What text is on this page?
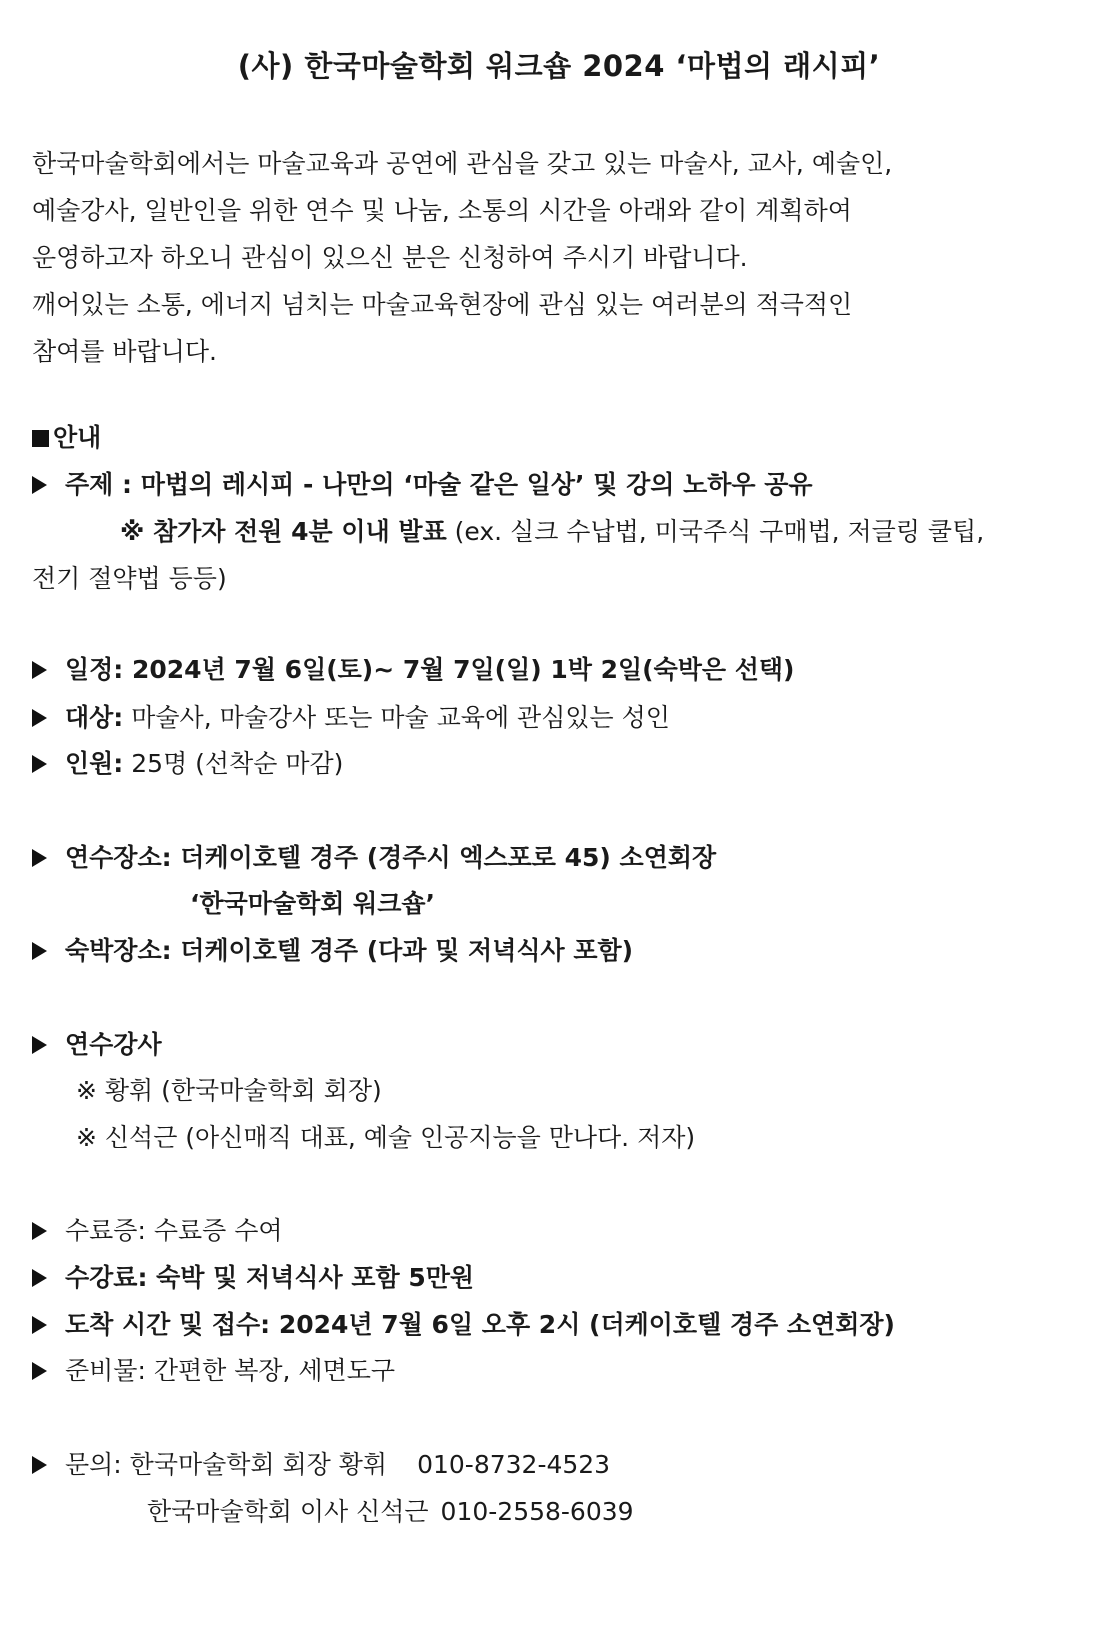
(사) 한국마술학회 워크숍 2024 ‘마법의 래시피’
한국마술학회에서는 마술교육과 공연에 관심을 갖고 있는 마술사, 교사, 예술인,
예술강사, 일반인을 위한 연수 및 나눔, 소통의 시간을 아래와 같이 계획하여
운영하고자 하오니 관심이 있으신 분은 신청하여 주시기 바랍니다.
깨어있는 소통, 에너지 넘치는 마술교육현장에 관심 있는 여러분의 적극적인
참여를 바랍니다.
안내
주제 : 마법의 레시피 - 나만의 ‘마술 같은 일상’ 및 강의 노하우 공유
※ 참가자 전원 4분 이내 발표 (ex. 실크 수납법, 미국주식 구매법, 저글링 쿨팁,
전기 절약법 등등)
일정: 2024년 7월 6일(토)~ 7월 7일(일) 1박 2일(숙박은 선택)
대상: 마술사, 마술강사 또는 마술 교육에 관심있는 성인
인원: 25명 (선착순 마감)
연수장소: 더케이호텔 경주 (경주시 엑스포로 45) 소연회장
‘한국마술학회 워크숍’
숙박장소: 더케이호텔 경주 (다과 및 저녁식사 포함)
연수강사
※ 황휘 (한국마술학회 회장)
※ 신석근 (아신매직 대표, 예술 인공지능을 만나다. 저자)
수료증: 수료증 수여
수강료: 숙박 및 저녁식사 포함 5만원
도착 시간 및 접수: 2024년 7월 6일 오후 2시 (더케이호텔 경주 소연회장)
준비물: 간편한 복장, 세면도구
문의: 한국마술학회 회장 황휘 010-8732-4523
한국마술학회 이사 신석근 010-2558-6039
